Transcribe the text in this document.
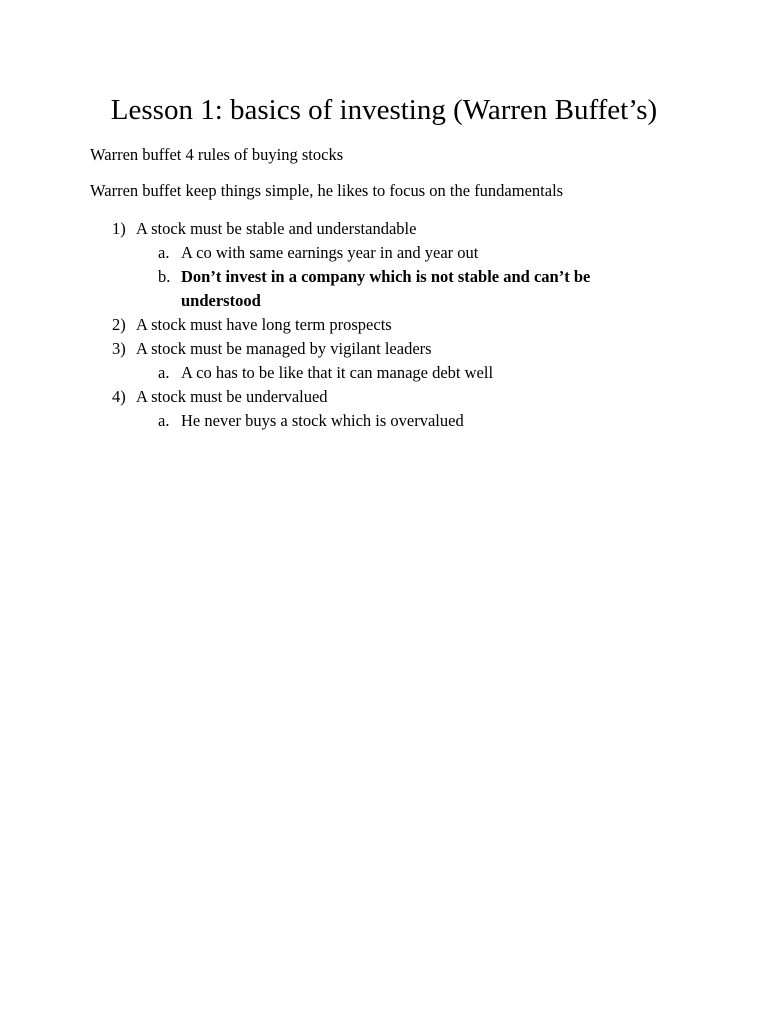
Lesson 1: basics of investing (Warren Buffet’s)
Warren buffet 4 rules of buying stocks
Warren buffet keep things simple, he likes to focus on the fundamentals
1) A stock must be stable and understandable
a. A co with same earnings year in and year out
b. Don’t invest in a company which is not stable and can’t be understood
2) A stock must have long term prospects
3) A stock must be managed by vigilant leaders
a. A co has to be like that it can manage debt well
4) A stock must be undervalued
a. He never buys a stock which is overvalued
